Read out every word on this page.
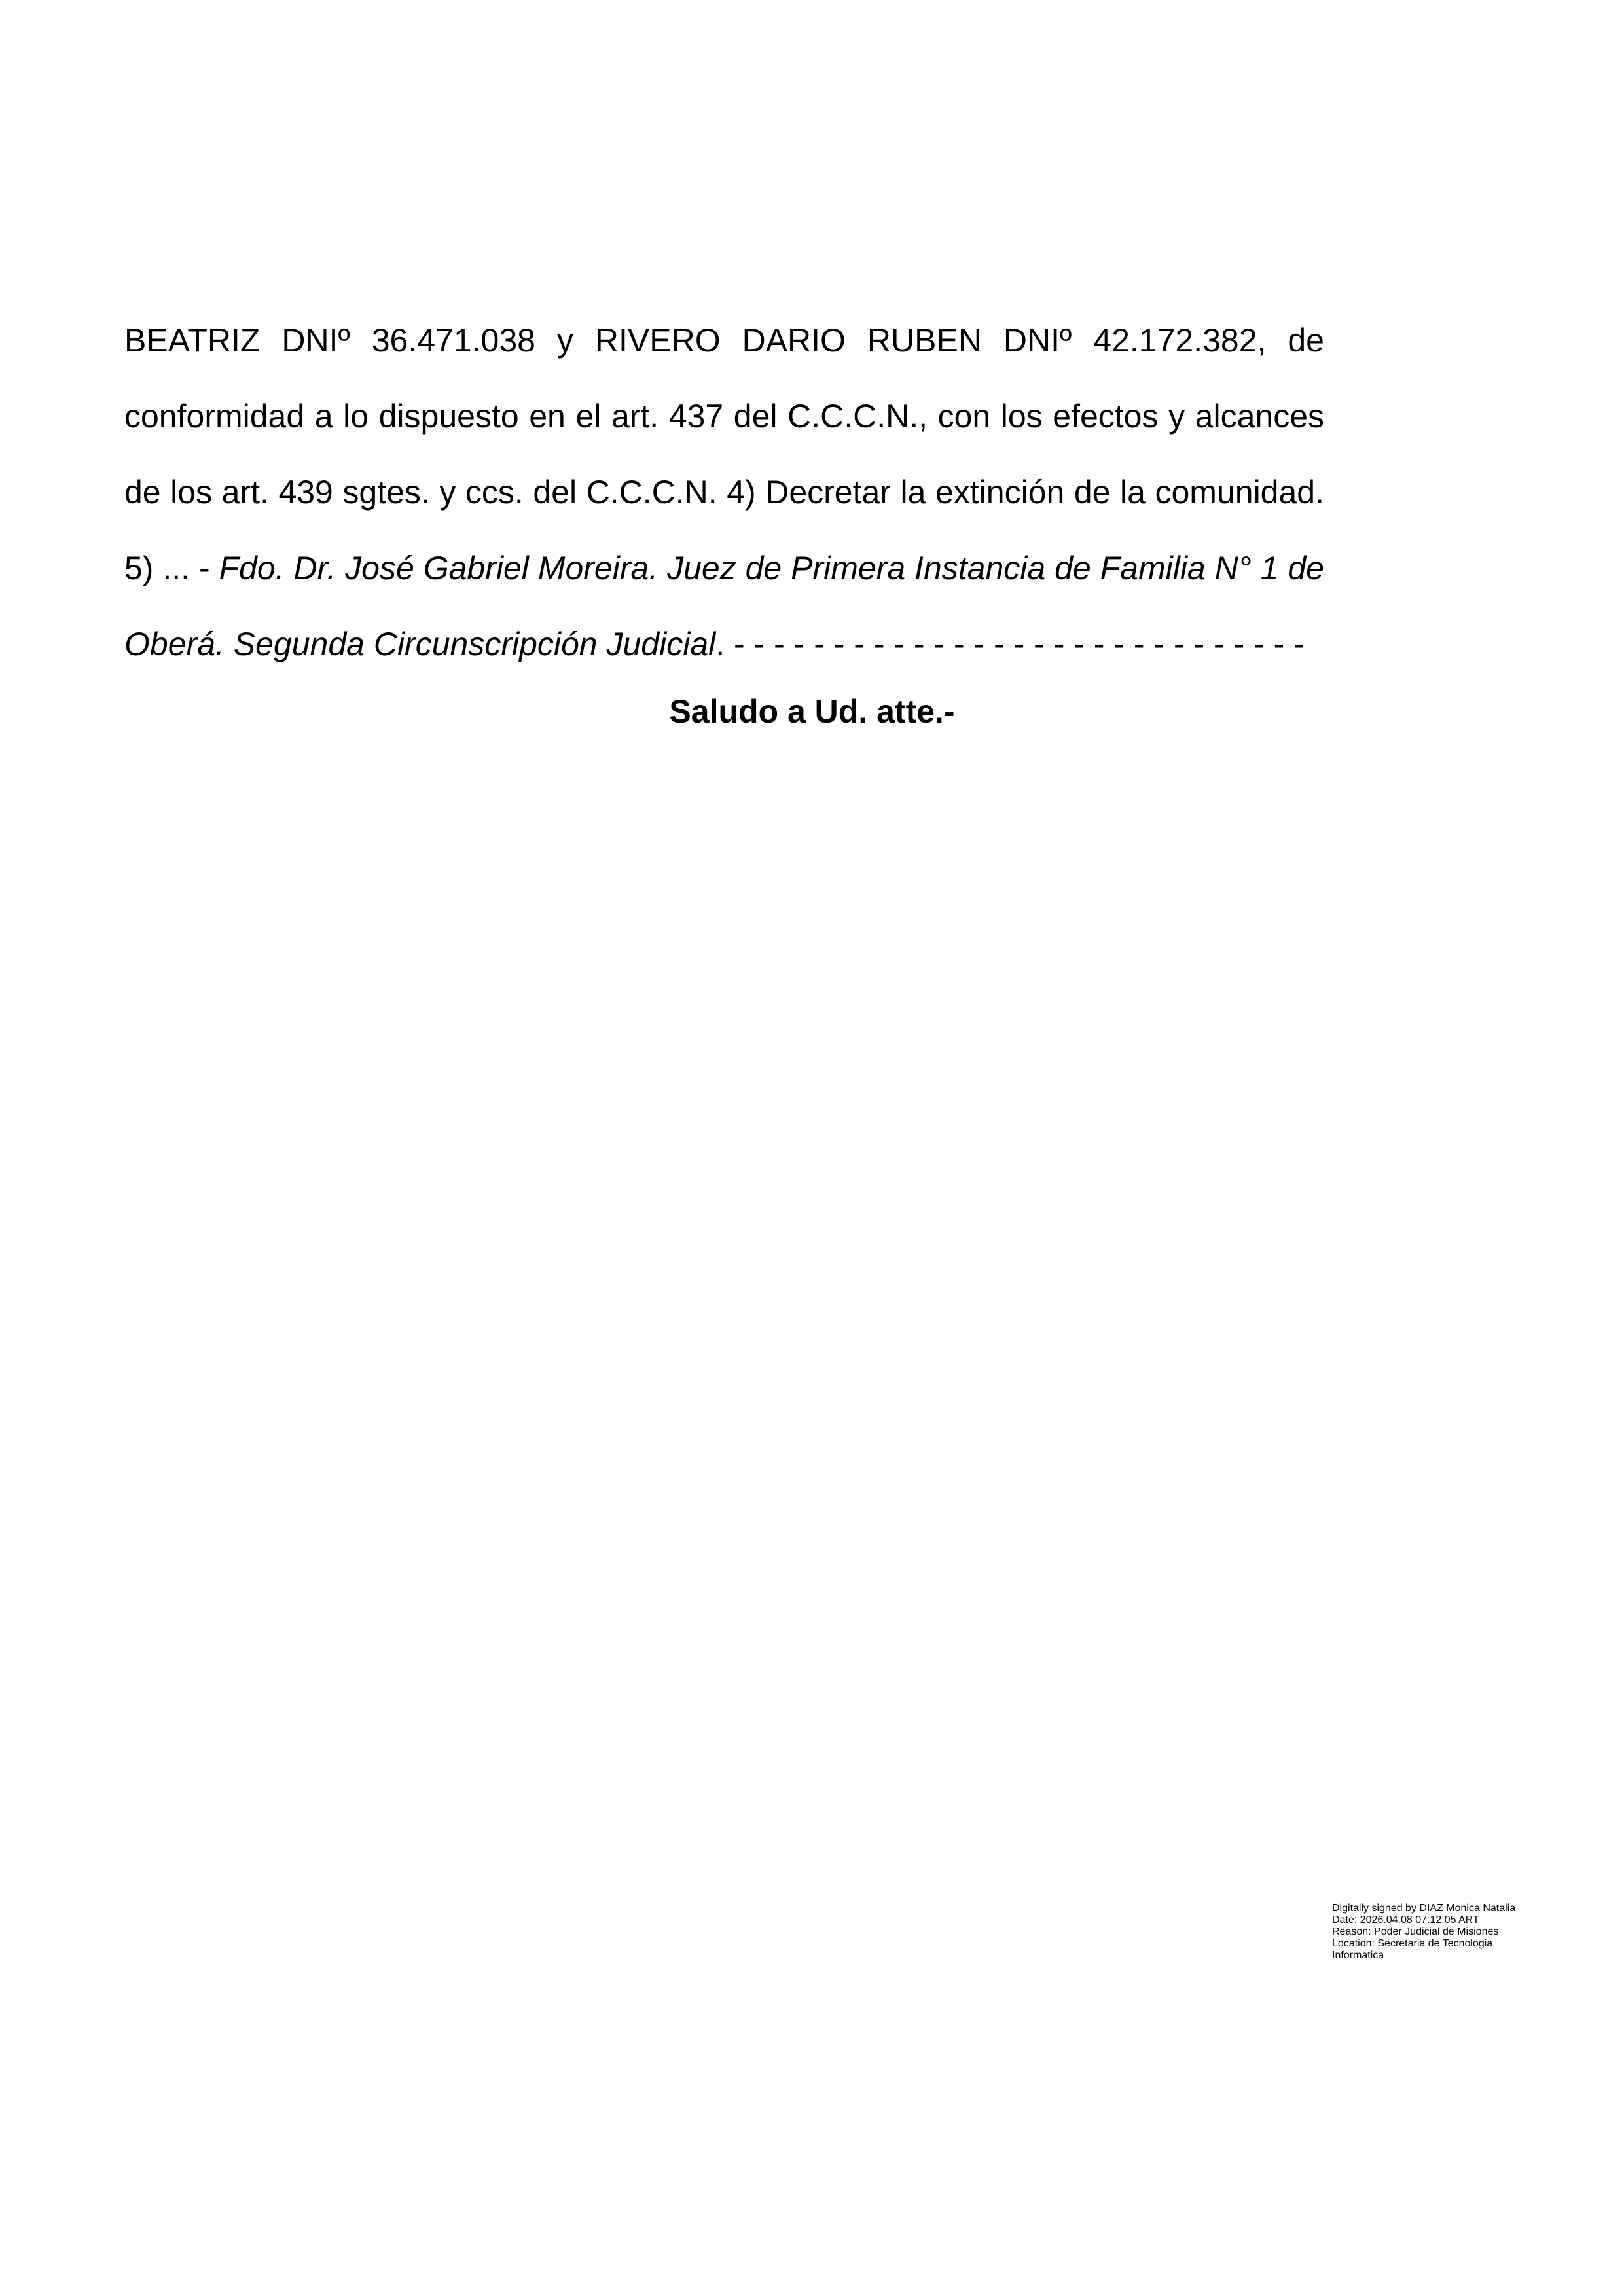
BEATRIZ DNIº 36.471.038 y RIVERO DARIO RUBEN DNIº 42.172.382, de
conformidad a lo dispuesto en el art. 437 del C.C.C.N., con los efectos y alcances
de los art. 439 sgtes. y ccs. del C.C.C.N. 4) Decretar la extinción de la comunidad.
5) ... - Fdo. Dr. José Gabriel Moreira. Juez de Primera Instancia de Familia N° 1 de
Oberá. Segunda Circunscripción Judicial. - - - - - - - - - - - - - - - - - - - - - - - - - - - - -

Saludo a Ud. atte.-

Digitally signed by DIAZ Monica Natalia
Date: 2026.04.08 07:12:05 ART
Reason: Poder Judicial de Misiones
Location: Secretaria de Tecnologia
Informatica
